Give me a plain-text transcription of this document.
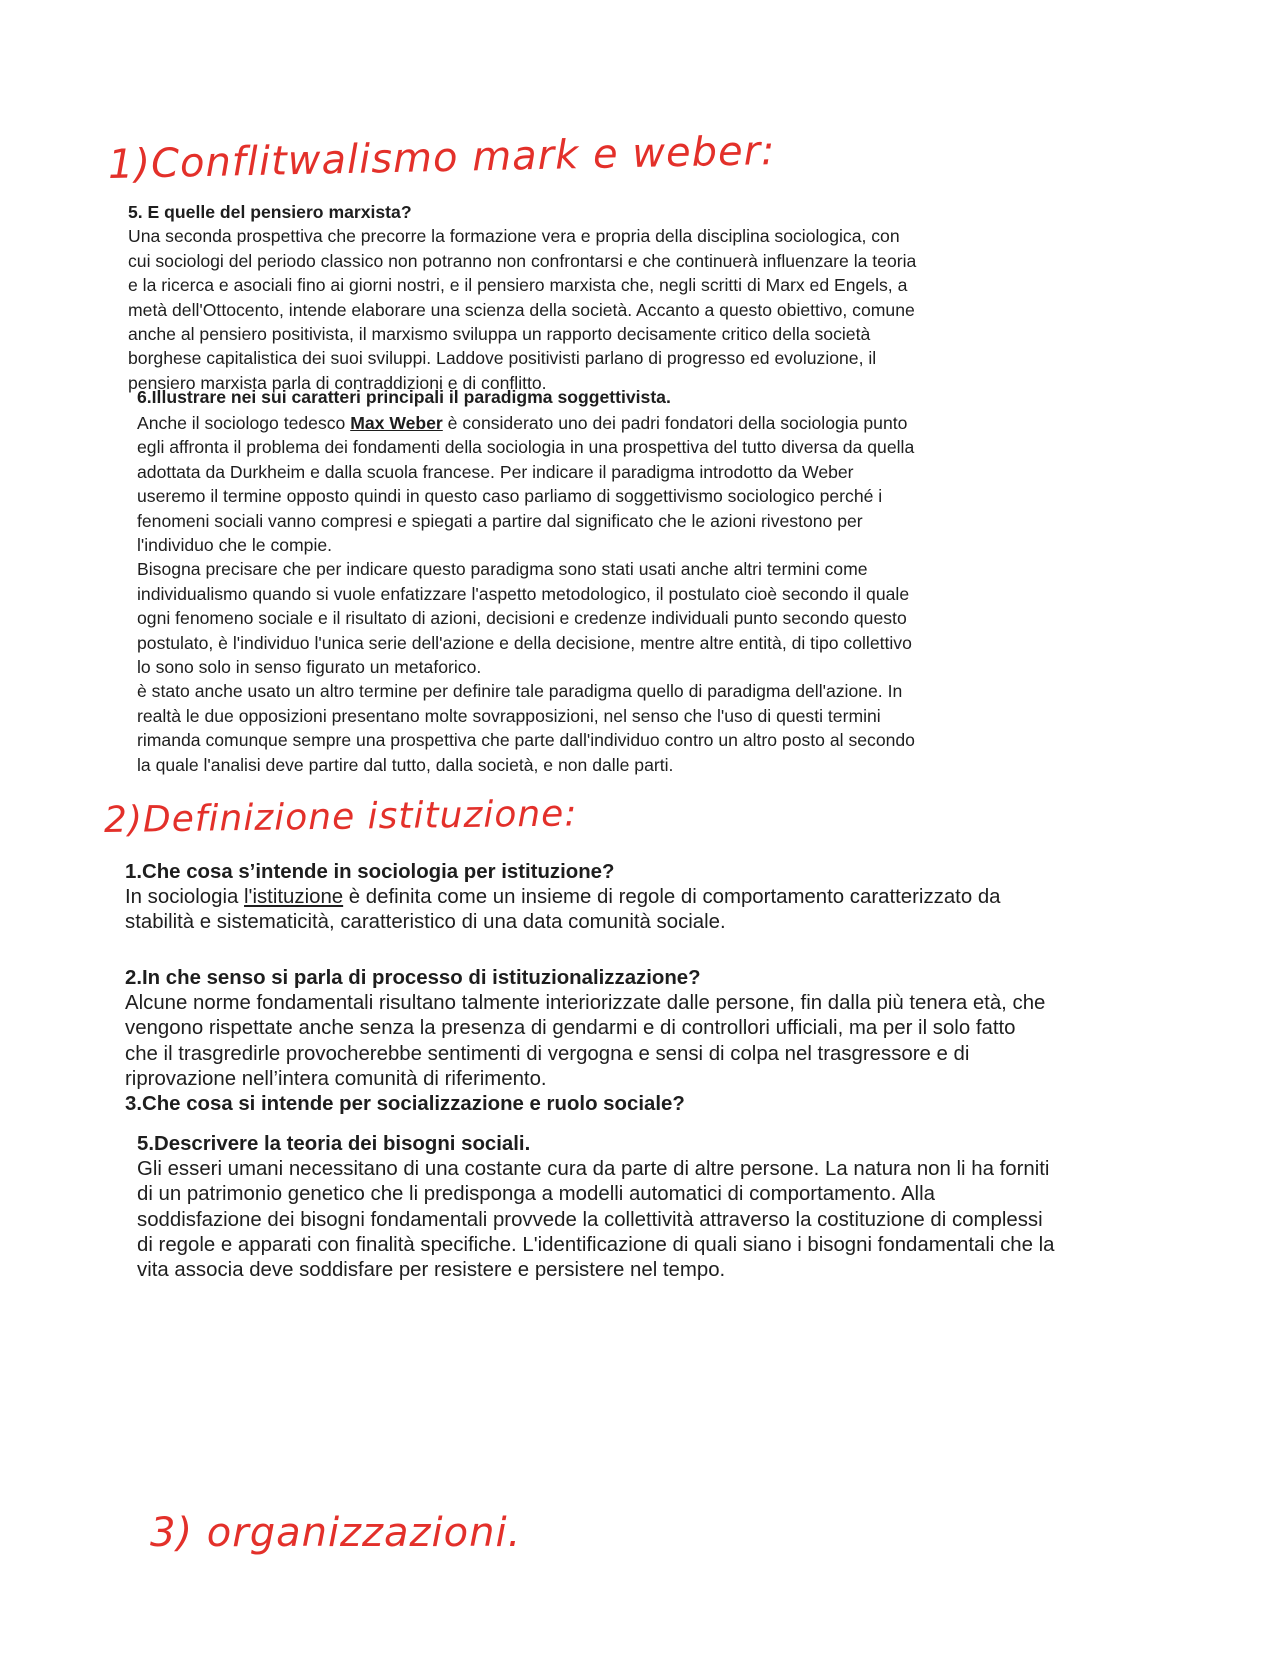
1)Conflitwalismo mark e weber:
5. E quelle del pensiero marxista?
Una seconda prospettiva che precorre la formazione vera e propria della disciplina sociologica, con
cui sociologi del periodo classico non potranno non confrontarsi e che continuerà influenzare la teoria
e la ricerca e asociali fino ai giorni nostri, e il pensiero marxista che, negli scritti di Marx ed Engels, a
metà dell'Ottocento, intende elaborare una scienza della società. Accanto a questo obiettivo, comune
anche al pensiero positivista, il marxismo sviluppa un rapporto decisamente critico della società
borghese capitalistica dei suoi sviluppi. Laddove positivisti parlano di progresso ed evoluzione, il
pensiero marxista parla di contraddizioni e di conflitto.
6.Illustrare nei sui caratteri principali il paradigma soggettivista.
Anche il sociologo tedesco Max Weber è considerato uno dei padri fondatori della sociologia punto
egli affronta il problema dei fondamenti della sociologia in una prospettiva del tutto diversa da quella
adottata da Durkheim e dalla scuola francese. Per indicare il paradigma introdotto da Weber
useremo il termine opposto quindi in questo caso parliamo di soggettivismo sociologico perché i
fenomeni sociali vanno compresi e spiegati a partire dal significato che le azioni rivestono per
l'individuo che le compie.
Bisogna precisare che per indicare questo paradigma sono stati usati anche altri termini come
individualismo quando si vuole enfatizzare l'aspetto metodologico, il postulato cioè secondo il quale
ogni fenomeno sociale e il risultato di azioni, decisioni e credenze individuali punto secondo questo
postulato, è l'individuo l'unica serie dell'azione e della decisione, mentre altre entità, di tipo collettivo
lo sono solo in senso figurato un metaforico.
è stato anche usato un altro termine per definire tale paradigma quello di paradigma dell'azione. In
realtà le due opposizioni presentano molte sovrapposizioni, nel senso che l'uso di questi termini
rimanda comunque sempre una prospettiva che parte dall'individuo contro un altro posto al secondo
la quale l'analisi deve partire dal tutto, dalla società, e non dalle parti.
2)Definizione istituzione:
1.Che cosa s’intende in sociologia per istituzione?
In sociologia l'istituzione è definita come un insieme di regole di comportamento caratterizzato da
stabilità e sistematicità, caratteristico di una data comunità sociale.
2.In che senso si parla di processo di istituzionalizzazione?
Alcune norme fondamentali risultano talmente interiorizzate dalle persone, fin dalla più tenera età, che
vengono rispettate anche senza la presenza di gendarmi e di controllori ufficiali, ma per il solo fatto
che il trasgredirle provocherebbe sentimenti di vergogna e sensi di colpa nel trasgressore e di
riprovazione nell’intera comunità di riferimento.
3.Che cosa si intende per socializzazione e ruolo sociale?
5.Descrivere la teoria dei bisogni sociali.
Gli esseri umani necessitano di una costante cura da parte di altre persone. La natura non li ha forniti
di un patrimonio genetico che li predisponga a modelli automatici di comportamento. Alla
soddisfazione dei bisogni fondamentali provvede la collettività attraverso la costituzione di complessi
di regole e apparati con finalità specifiche. L'identificazione di quali siano i bisogni fondamentali che la
vita associa deve soddisfare per resistere e persistere nel tempo.
3) organizzazioni.
